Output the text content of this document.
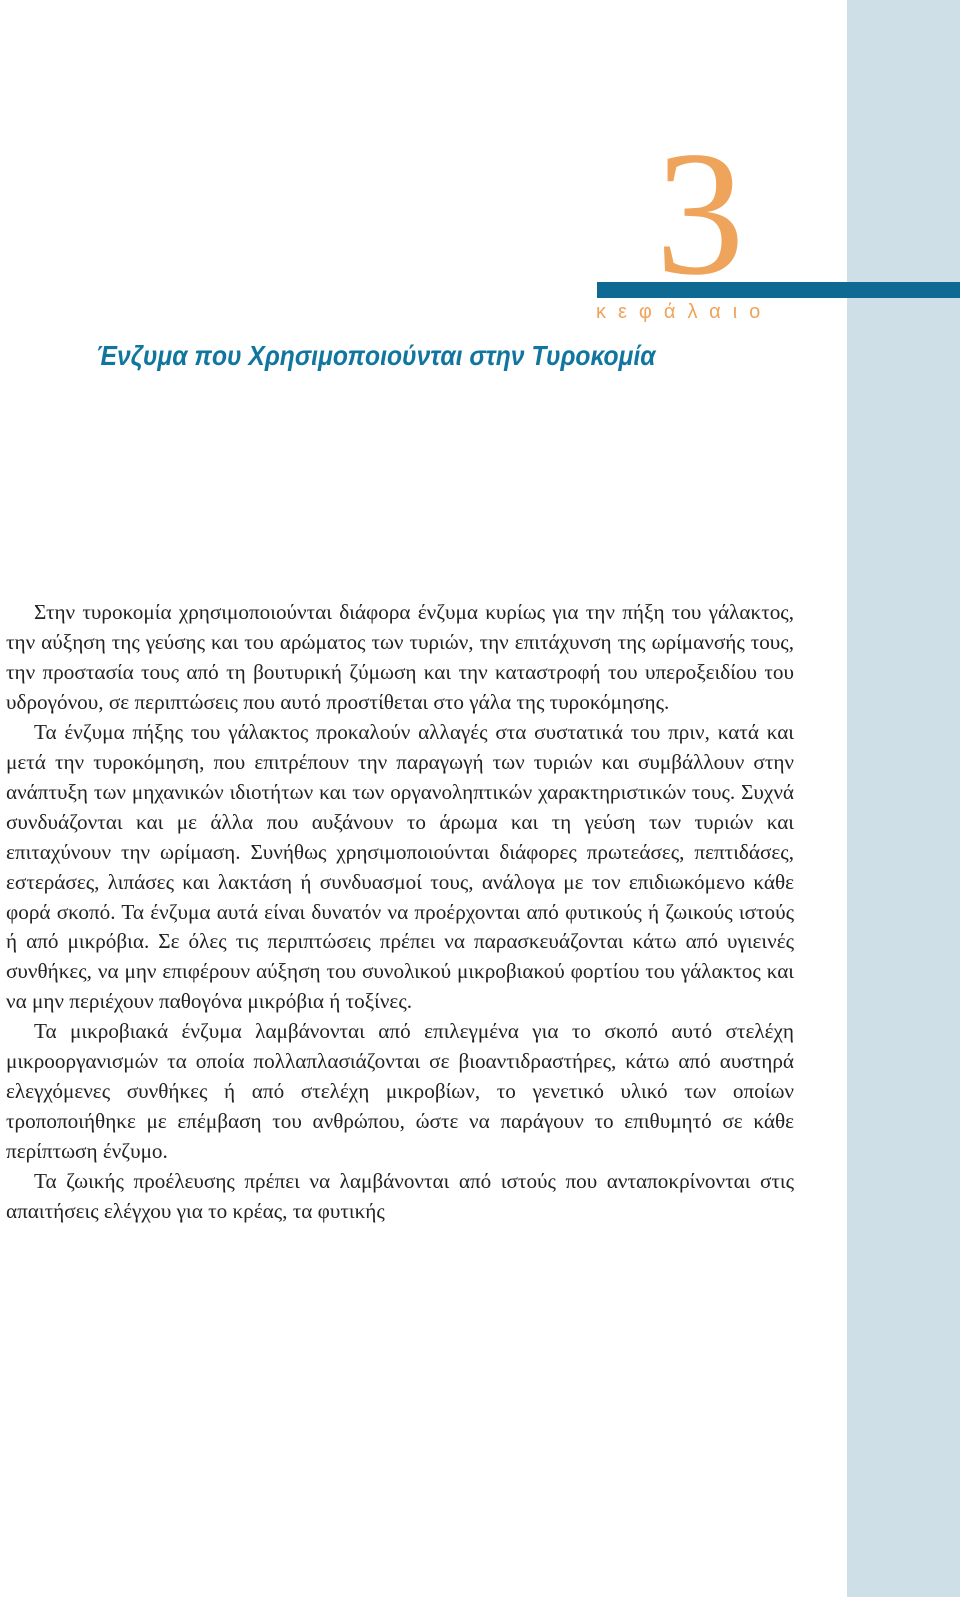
3
κεφάλαιο
Ένζυμα που Χρησιμοποιούνται στην Τυροκομία

Στην τυροκομία χρησιμοποιούνται διάφορα ένζυμα κυρίως για την πήξη του γάλακτος, την αύξηση της γεύσης και του αρώματος των τυριών, την επιτάχυνση της ωρίμανσής τους, την προστασία τους από τη βουτυρική ζύμωση και την καταστροφή του υπεροξειδίου του υδρογόνου, σε περιπτώσεις που αυτό προστίθεται στο γάλα της τυροκόμησης.

Τα ένζυμα πήξης του γάλακτος προκαλούν αλλαγές στα συστατικά του πριν, κατά και μετά την τυροκόμηση, που επιτρέπουν την παραγωγή των τυριών και συμβάλλουν στην ανάπτυξη των μηχανικών ιδιοτήτων και των οργανοληπτικών χαρακτηριστικών τους. Συχνά συνδυάζονται και με άλλα που αυξάνουν το άρωμα και τη γεύση των τυριών και επιταχύνουν την ωρίμαση. Συνήθως χρησιμοποιούνται διάφορες πρωτεάσες, πεπτιδάσες, εστεράσες, λιπάσες και λακτάση ή συνδυασμοί τους, ανάλογα με τον επιδιωκόμενο κάθε φορά σκοπό. Τα ένζυμα αυτά είναι δυνατόν να προέρχονται από φυτικούς ή ζωικούς ιστούς ή από μικρόβια. Σε όλες τις περιπτώσεις πρέπει να παρασκευάζονται κάτω από υγιεινές συνθήκες, να μην επιφέρουν αύξηση του συνολικού μικροβιακού φορτίου του γάλακτος και να μην περιέχουν παθογόνα μικρόβια ή τοξίνες.

Τα μικροβιακά ένζυμα λαμβάνονται από επιλεγμένα για το σκοπό αυτό στελέχη μικροοργανισμών τα οποία πολλαπλασιάζονται σε βιοαντιδραστήρες, κάτω από αυστηρά ελεγχόμενες συνθήκες ή από στελέχη μικροβίων, το γενετικό υλικό των οποίων τροποποιήθηκε με επέμβαση του ανθρώπου, ώστε να παράγουν το επιθυμητό σε κάθε περίπτωση ένζυμο.

Τα ζωικής προέλευσης πρέπει να λαμβάνονται από ιστούς που ανταποκρίνονται στις απαιτήσεις ελέγχου για το κρέας, τα φυτικής
